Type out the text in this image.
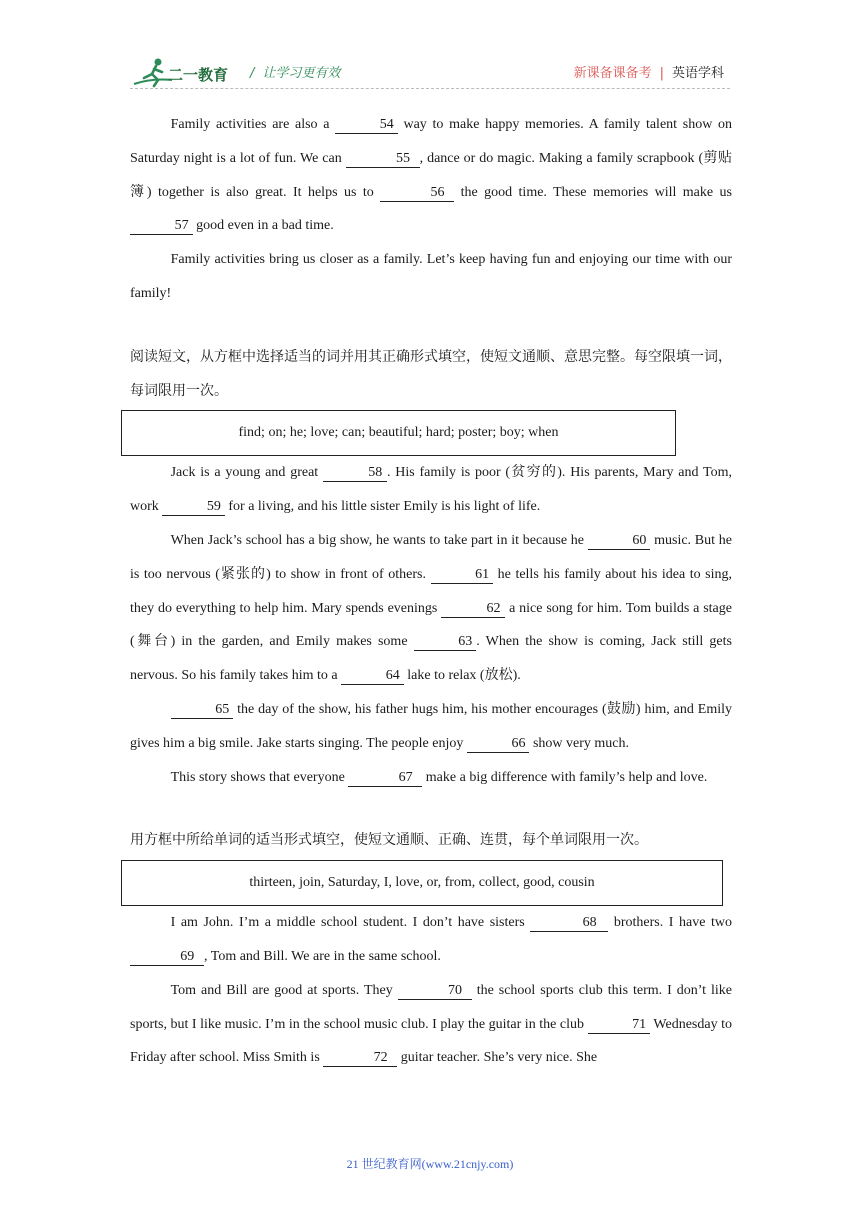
二一教育 / 让学习更有效	新课备课备考 | 英语学科

Family activities are also a	54 way to make happy memories. A family talent show on Saturday night is a lot of fun. We can	55 , dance or do magic. Making a family scrapbook (剪贴簿) together is also great. It helps us to	56 the good time. These memories will make us 57 good even in a bad time.

Family activities bring us closer as a family. Let’s keep having fun and enjoying our time with our family!

阅读短文，从方框中选择适当的词并用其正确形式填空，使短文通顺、意思完整。每空限填一词，每词限用一次。

find; on; he; love; can; beautiful; hard; poster; boy; when

Jack is a young and great	58 . His family is poor (贫穷的). His parents, Mary and Tom, work	59 for a living, and his little sister Emily is his light of life.

When Jack’s school has a big show, he wants to take part in it because he	60 music. But he is too nervous (紧张的) to show in front of others.	61 he tells his family about his idea to sing, they do everything to help him. Mary spends evenings	62 a nice song for him. Tom builds a stage (舞台) in the garden, and Emily makes some	63 . When the show is coming, Jack still gets nervous. So his family takes him to a	64 lake to relax (放松).

65 the day of the show, his father hugs him, his mother encourages (鼓励) him, and Emily gives him a big smile. Jake starts singing. The people enjoy	66 show very much.

This story shows that everyone	67 make a big difference with family’s help and love.

用方框中所给单词的适当形式填空，使短文通顺、正确、连贯，每个单词限用一次。

thirteen, join, Saturday, I, love, or, from, collect, good, cousin

I am John. I’m a middle school student. I don’t have sisters	68 brothers. I have two 69 , Tom and Bill. We are in the same school.

Tom and Bill are good at sports. They	70 the school sports club this term. I don’t like sports, but I like music. I’m in the school music club. I play the guitar in the club	71 Wednesday to Friday after school. Miss Smith is	72 guitar teacher. She’s very nice. She

21 世纪教育网(www.21cnjy.com)
